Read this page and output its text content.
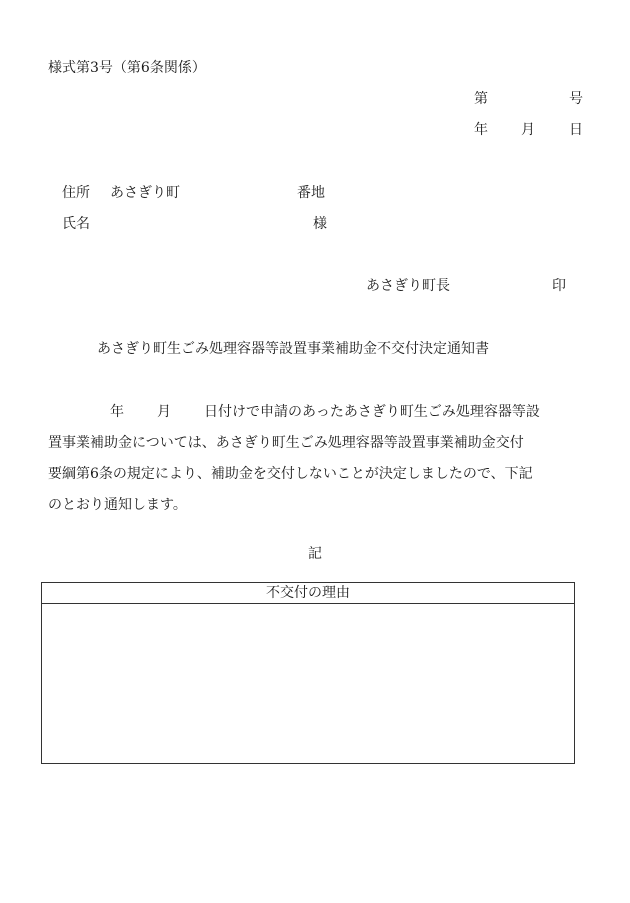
様式第3号（第6条関係）
第	号
年 月 日
住所 あさぎり町	番地
氏名	様
あさぎり町長	印
あさぎり町生ごみ処理容器等設置事業補助金不交付決定通知書
年 月 日付けで申請のあったあさぎり町生ごみ処理容器等設
置事業補助金については、あさぎり町生ごみ処理容器等設置事業補助金交付
要綱第6条の規定により、補助金を交付しないことが決定しましたので、下記
のとおり通知します。
記
不交付の理由
